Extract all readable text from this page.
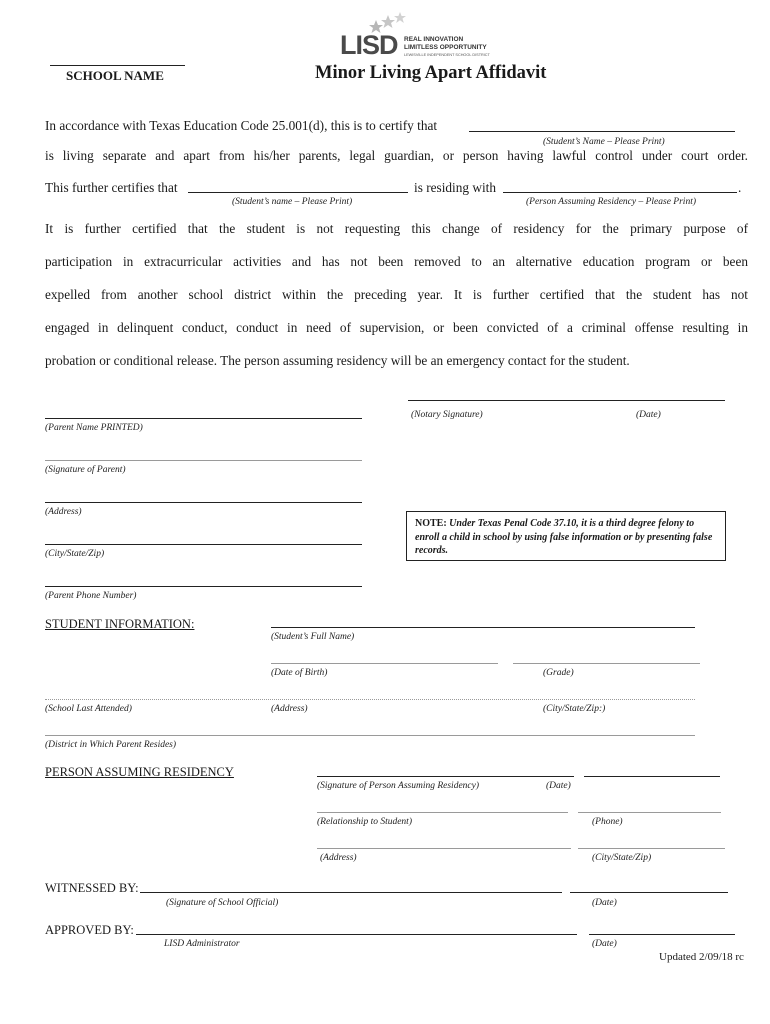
SCHOOL NAME
LISD REAL INNOVATION
LIMITLESS OPPORTUNITY
LEWISVILLE INDEPENDENT SCHOOL DISTRICT
Minor Living Apart Affidavit
In accordance with Texas Education Code 25.001(d), this is to certify that
(Student’s Name – Please Print)
is living separate and apart from his/her parents, legal guardian, or person having lawful control under court order.
This further certifies that	is residing with	.
(Student’s name – Please Print)	(Person Assuming Residency – Please Print)
It is further certified that the student is not requesting this change of residency for the primary purpose of
participation in extracurricular activities and has not been removed to an alternative education program or been
expelled from another school district within the preceding year. It is further certified that the student has not
engaged in delinquent conduct, conduct in need of supervision, or been convicted of a criminal offense resulting in
probation or conditional release. The person assuming residency will be an emergency contact for the student.
(Notary Signature)	(Date)
(Parent Name PRINTED)
(Signature of Parent)
(Address)
(City/State/Zip)
(Parent Phone Number)
NOTE: Under Texas Penal Code 37.10, it is a third degree felony to enroll a child in school by using false information or by presenting false records.
STUDENT INFORMATION:
(Student’s Full Name)
(Date of Birth)	(Grade)
(School Last Attended)	(Address)	(City/State/Zip:)
(District in Which Parent Resides)
PERSON ASSUMING RESIDENCY
(Signature of Person Assuming Residency)	(Date)
(Relationship to Student)	(Phone)
(Address)	(City/State/Zip)
WITNESSED BY:
(Signature of School Official)	(Date)
APPROVED BY:
LISD Administrator	(Date)
Updated 2/09/18 rc
